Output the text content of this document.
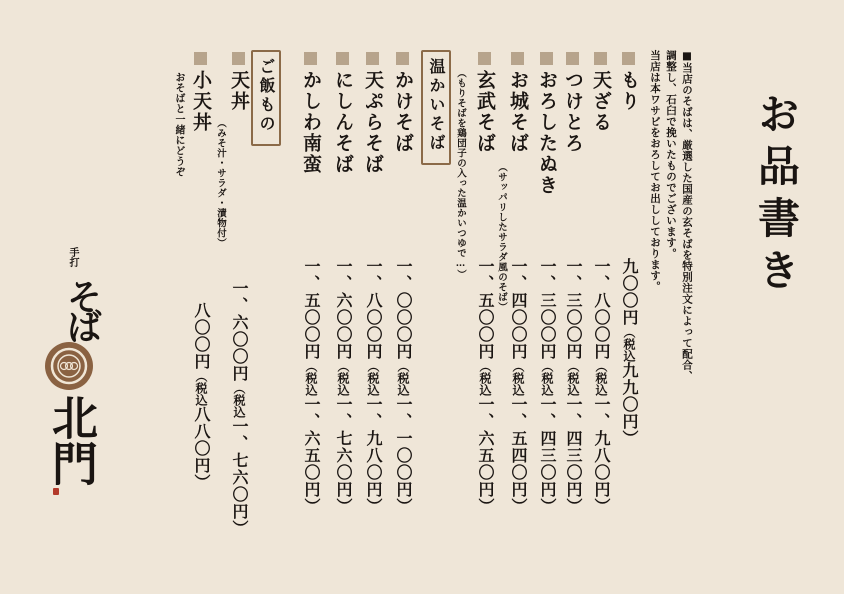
お品書き
■当店のそばは、厳選した国産の玄そばを特別注文によって配合、
調整し、石臼で挽いたものでございます。
当店は本ワサビをおろしてお出ししております。
もり
九〇〇円（税込九九〇円）
天ざる
一、八〇〇円（税込一、九八〇円）
つけとろ
一、三〇〇円（税込一、四三〇円）
おろしたぬき
一、三〇〇円（税込一、四三〇円）
お城そば
（サッパリしたサラダ風のそば） 一、四〇〇円（税込一、五四〇円）
玄武そば
（もりそばを鶏団子の入った温かいつゆで…）
一、五〇〇円（税込一、六五〇円）
温かいそば
かけそば
一、〇〇〇円（税込一、一〇〇円）
天ぷらそば
一、八〇〇円（税込一、九八〇円）
にしんそば
一、六〇〇円（税込一、七六〇円）
かしわ南蛮
一、五〇〇円（税込一、六五〇円）
ご飯もの
天丼
（みそ汁・サラダ・漬物付）
一、六〇〇円（税込一、七六〇円）
小天丼
八〇〇円（税込八八〇円）
おそばと一緒にどうぞ
手打
そば
北門
